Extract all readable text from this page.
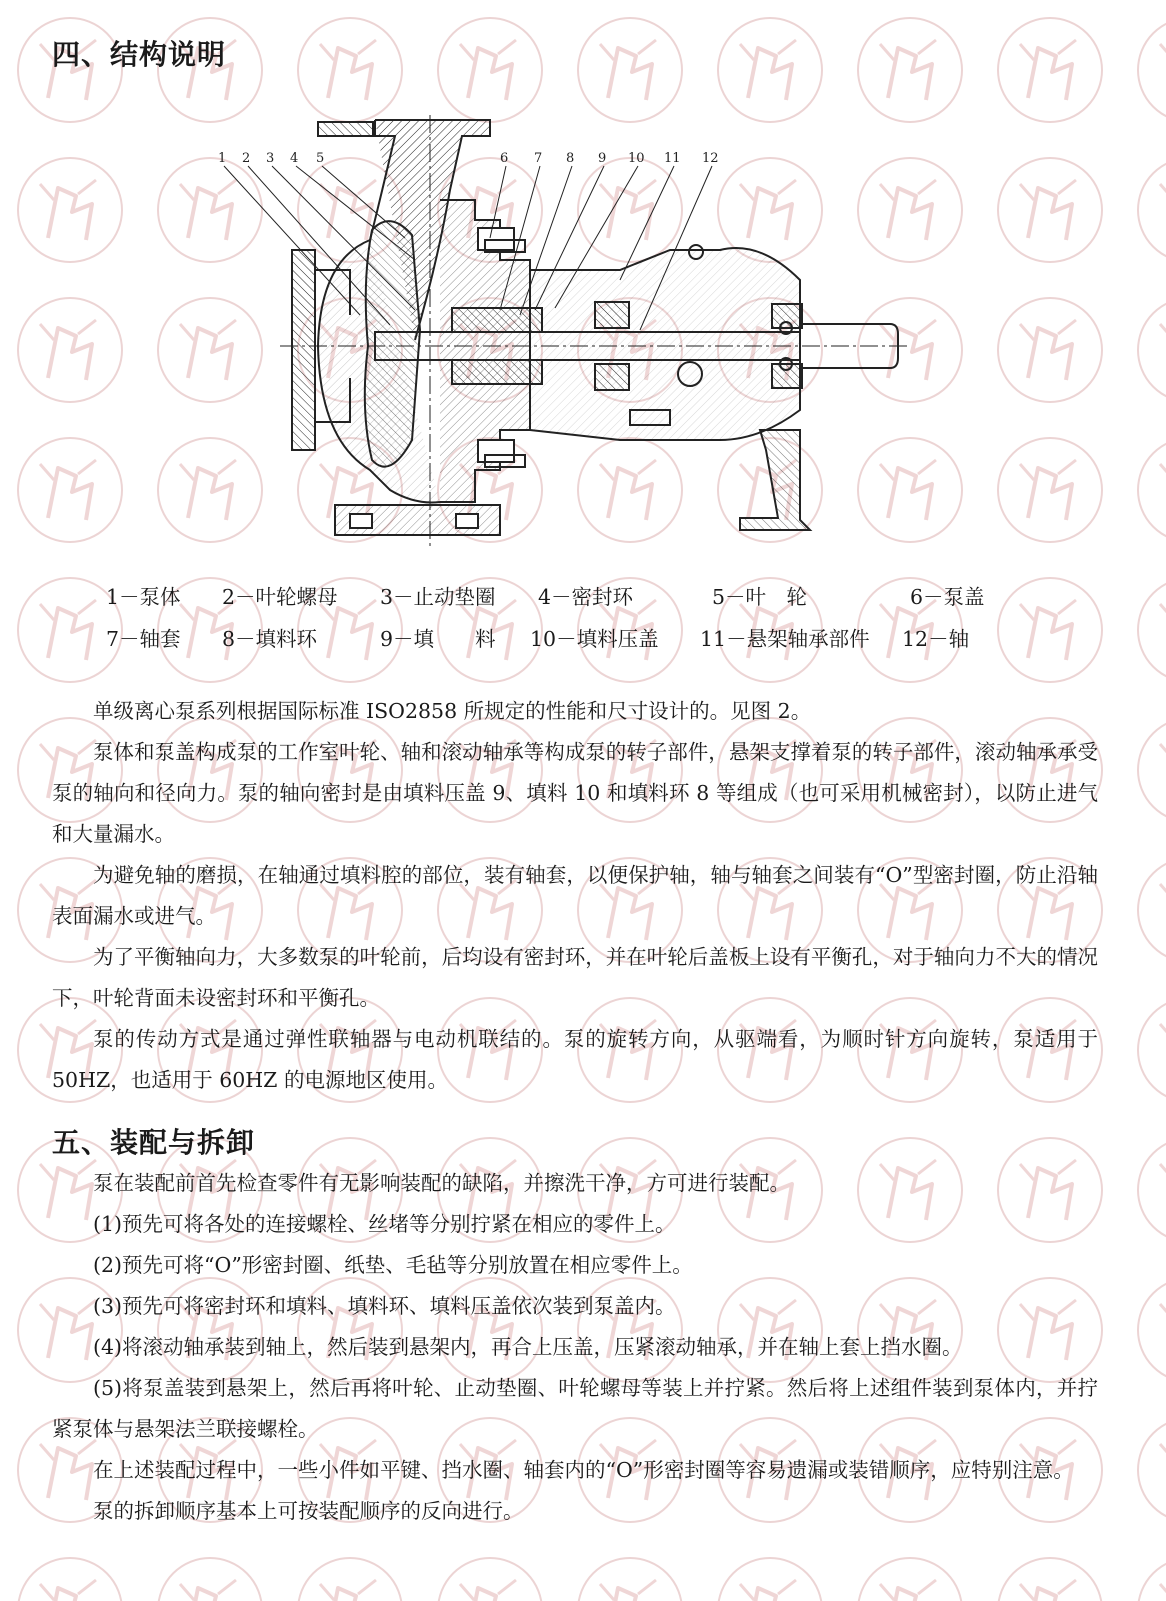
四、结构说明
1 2 3 4 5	6 7 8 9 10 11 12
1－泵体 2－叶轮螺母 3－止动垫圈 4－密封环	5－叶　轮	6－泵盖
7－轴套 8－填料环	9－填　　料 10－填料压盖 11－悬架轴承部件 12－轴

单级离心泵系列根据国际标准 ISO2858 所规定的性能和尺寸设计的。见图 2。

泵体和泵盖构成泵的工作室叶轮、轴和滚动轴承等构成泵的转子部件，悬架支撑着泵的转子部件，滚动轴承承受泵的轴向和径向力。泵的轴向密封是由填料压盖 9、填料 10 和填料环 8 等组成（也可采用机械密封），以防止进气和大量漏水。

为避免轴的磨损，在轴通过填料腔的部位，装有轴套，以便保护轴，轴与轴套之间装有“O”型密封圈，防止沿轴表面漏水或进气。

为了平衡轴向力，大多数泵的叶轮前，后均设有密封环，并在叶轮后盖板上设有平衡孔，对于轴向力不大的情况下，叶轮背面未设密封环和平衡孔。

泵的传动方式是通过弹性联轴器与电动机联结的。泵的旋转方向，从驱端看，为顺时针方向旋转，泵适用于 50HZ，也适用于 60HZ 的电源地区使用。

五、装配与拆卸

泵在装配前首先检查零件有无影响装配的缺陷，并擦洗干净，方可进行装配。

(1)预先可将各处的连接螺栓、丝堵等分别拧紧在相应的零件上。

(2)预先可将“O”形密封圈、纸垫、毛毡等分别放置在相应零件上。

(3)预先可将密封环和填料、填料环、填料压盖依次装到泵盖内。

(4)将滚动轴承装到轴上，然后装到悬架内，再合上压盖，压紧滚动轴承，并在轴上套上挡水圈。

(5)将泵盖装到悬架上，然后再将叶轮、止动垫圈、叶轮螺母等装上并拧紧。然后将上述组件装到泵体内，并拧紧泵体与悬架法兰联接螺栓。

在上述装配过程中，一些小件如平键、挡水圈、轴套内的“O”形密封圈等容易遗漏或装错顺序，应特别注意。

泵的拆卸顺序基本上可按装配顺序的反向进行。
